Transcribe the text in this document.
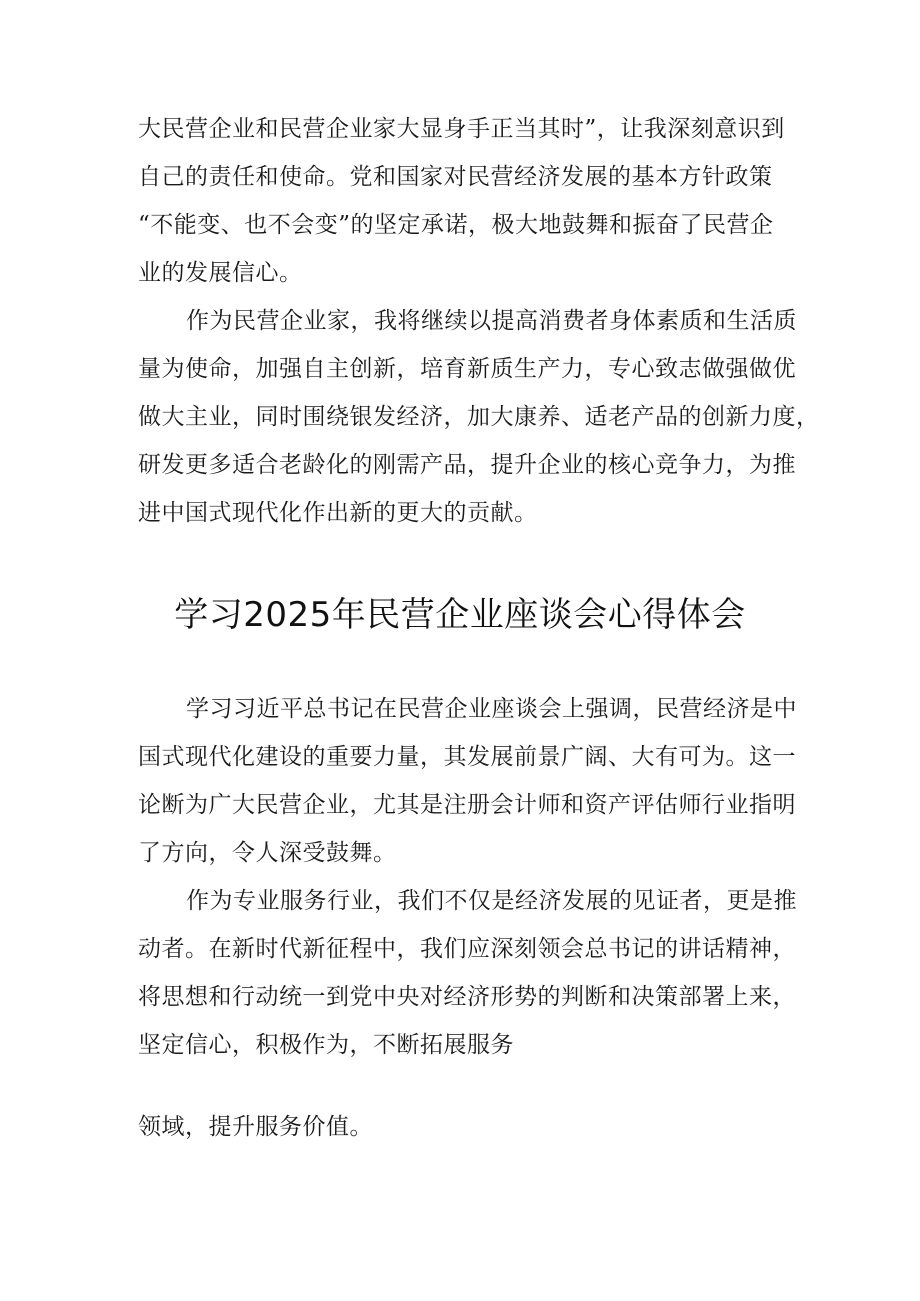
大民营企业和民营企业家大显身手正当其时”，让我深刻意识到
自己的责任和使命。党和国家对民营经济发展的基本方针政策
“不能变、也不会变”的坚定承诺，极大地鼓舞和振奋了民营企
业的发展信心。
作为民营企业家，我将继续以提高消费者身体素质和生活质
量为使命，加强自主创新，培育新质生产力，专心致志做强做优
做大主业，同时围绕银发经济，加大康养、适老产品的创新力度，
研发更多适合老龄化的刚需产品，提升企业的核心竞争力，为推
进中国式现代化作出新的更大的贡献。
学习2025年民营企业座谈会心得体会
学习习近平总书记在民营企业座谈会上强调，民营经济是中
国式现代化建设的重要力量，其发展前景广阔、大有可为。这一
论断为广大民营企业，尤其是注册会计师和资产评估师行业指明
了方向，令人深受鼓舞。
作为专业服务行业，我们不仅是经济发展的见证者，更是推
动者。在新时代新征程中，我们应深刻领会总书记的讲话精神，
将思想和行动统一到党中央对经济形势的判断和决策部署上来，
坚定信心，积极作为，不断拓展服务
领域，提升服务价值。
